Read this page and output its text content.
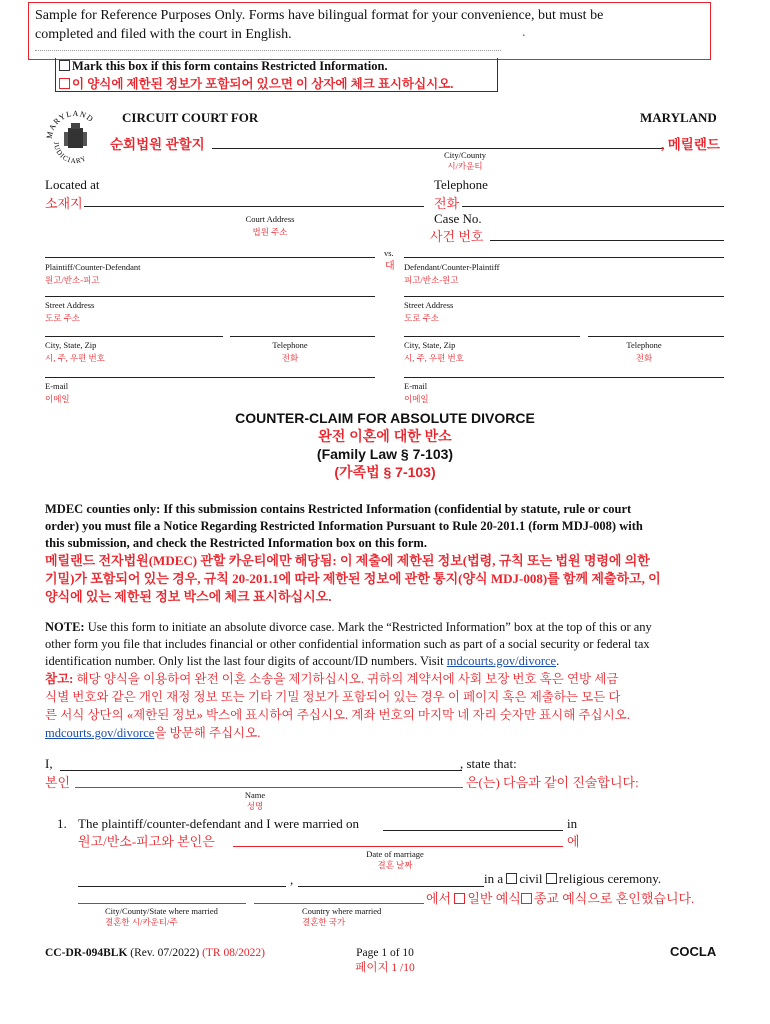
Sample for Reference Purposes Only. Forms have bilingual format for your convenience, but must be
completed and filed with the court in English.	.
Mark this box if this form contains Restricted Information.
이 양식에 제한된 정보가 포함되어 있으면 이 상자에 체크 표시하십시오.
MARYLAND
JUDICIARY
CIRCUIT COURT FOR	MARYLAND
순회법원 관할지	, 메릴랜드
City/County
시/카운티
Located at
소재지
Court Address
법원 주소
Telephone
전화
Case No.
사건 번호
Plaintiff/Counter-Defendant
원고/반소-피고
vs.
대 Defendant/Counter-Plaintiff
피고/반소-원고
Street Address
도로 주소
Street Address
도로 주소
City, State, Zip
시, 주, 우편 번호
Telephone
전화
City, State, Zip
시, 주, 우편 번호
Telephone
전화
E-mail
이메일
E-mail
이메일
COUNTER-CLAIM FOR ABSOLUTE DIVORCE
완전 이혼에 대한 반소
(Family Law § 7-103)
(가족법 § 7-103)
MDEC counties only: If this submission contains Restricted Information (confidential by statute, rule or court
order) you must file a Notice Regarding Restricted Information Pursuant to Rule 20-201.1 (form MDJ-008) with
this submission, and check the Restricted Information box on this form.
메릴랜드 전자법원(MDEC) 관할 카운티에만 해당됨: 이 제출에 제한된 정보(법령, 규칙 또는 법원 명령에 의한
기밀)가 포함되어 있는 경우, 규칙 20-201.1에 따라 제한된 정보에 관한 통지(양식 MDJ-008)를 함께 제출하고, 이
양식에 있는 제한된 정보 박스에 체크 표시하십시오.
NOTE: Use this form to initiate an absolute divorce case. Mark the “Restricted Information” box at the top of this or any
other form you file that includes financial or other confidential information such as part of a social security or federal tax
identification number. Only list the last four digits of account/ID numbers. Visit mdcourts.gov/divorce.
참고: 해당 양식을 이용하여 완전 이혼 소송을 제기하십시오. 귀하의 계약서에 사회 보장 번호 혹은 연방 세금
식별 번호와 같은 개인 재정 정보 또는 기타 기밀 정보가 포함되어 있는 경우 이 페이지 혹은 제출하는 모든 다
른 서식 상단의 «제한된 정보» 박스에 표시하여 주십시오. 계좌 번호의 마지막 네 자리 숫자만 표시해 주십시오.
mdcourts.gov/divorce을 방문해 주십시오.
I,	, state that:
본인	은(는) 다음과 같이 진술합니다:
Name
성명
1. The plaintiff/counter-defendant and I were married on	in
원고/반소-피고와 본인은	에
Date of marriage
결혼 날짜
,	in a civil religious ceremony.
에서 일반 예식 종교 예식으로 혼인했습니다.
City/County/State where married
결혼한 시/카운티/주
Country where married
결혼한 국가
CC-DR-094BLK (Rev. 07/2022) (TR 08/2022)	Page 1 of 10
페이지 1 /10
COCLA
